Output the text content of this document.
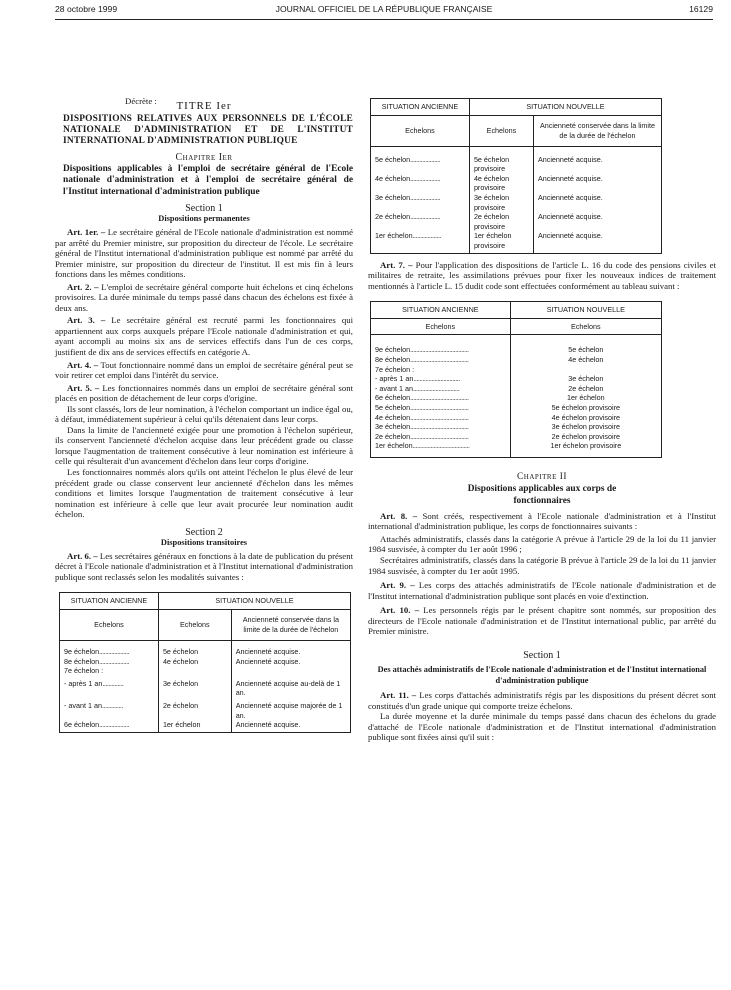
28 octobre 1999	JOURNAL OFFICIEL DE LA RÉPUBLIQUE FRANÇAISE	16129

Décrète :	TITRE Ier

DISPOSITIONS RELATIVES AUX PERSONNELS DE L'ÉCOLE NATIONALE D'ADMINISTRATION ET DE L'INSTITUT INTERNATIONAL D'ADMINISTRATION PUBLIQUE

Chapitre Ier

Dispositions applicables à l'emploi de secrétaire général de l'Ecole nationale d'administration et à l'emploi de secrétaire général de l'Institut international d'administration publique

Section 1

Dispositions permanentes

Art. 1er. – Le secrétaire général de l'Ecole nationale d'administration est nommé par arrêté du Premier ministre, sur proposition du directeur de l'école. Le secrétaire général de l'Institut international d'administration publique est nommé par arrêté du Premier ministre, sur proposition du directeur de l'institut. Il est mis fin à leurs fonctions dans les mêmes conditions.

Art. 2. – L'emploi de secrétaire général comporte huit échelons et cinq échelons provisoires. La durée minimale du temps passé dans chacun des échelons est fixée à deux ans.

Art. 3. – Le secrétaire général est recruté parmi les fonctionnaires qui appartiennent aux corps auxquels prépare l'Ecole nationale d'administration et qui, ayant accompli au moins six ans de services effectifs dans l'un de ces corps, justifient de dix ans de services effectifs en catégorie A.

Art. 4. – Tout fonctionnaire nommé dans un emploi de secrétaire général peut se voir retirer cet emploi dans l'intérêt du service.

Art. 5. – Les fonctionnaires nommés dans un emploi de secrétaire général sont placés en position de détachement de leur corps d'origine.

Ils sont classés, lors de leur nomination, à l'échelon comportant un indice égal ou, à défaut, immédiatement supérieur à celui qu'ils détenaient dans leur corps.

Dans la limite de l'ancienneté exigée pour une promotion à l'échelon supérieur, ils conservent l'ancienneté d'échelon acquise dans leur précédent grade ou classe lorsque l'augmentation de traitement consécutive à leur nomination est inférieure à celle qui résulterait d'un avancement d'échelon dans leur corps d'origine.

Les fonctionnaires nommés alors qu'ils ont atteint l'échelon le plus élevé de leur précédent grade ou classe conservent leur ancienneté d'échelon dans les mêmes conditions et limites lorsque l'augmentation de traitement consécutive à leur nomination est inférieure à celle que leur avait procurée leur nomination audit échelon.

Section 2

Dispositions transitoires

Art. 6. – Les secrétaires généraux en fonctions à la date de publication du présent décret à l'Ecole nationale d'administration et à l'Institut international d'administration publique sont reclassés selon les modalités suivantes :

SITUATION ANCIENNE	SITUATION NOUVELLE	
Echelons	Echelons	Ancienneté conservée dans la limite de la durée de l'échelon
9e échelon....................	5e échelon	Ancienneté acquise.
8e échelon....................	4e échelon	Ancienneté acquise.
7e échelon :		
- après 1 an..............	3e échelon	Ancienneté acquise au-delà de 1 an.
- avant 1 an..............	2e échelon	Ancienneté acquise majorée de 1 an.
6e échelon....................	1er échelon	Ancienneté acquise.
SITUATION ANCIENNE	SITUATION NOUVELLE	
Echelons	Echelons	Ancienneté conservée dans la limite de la durée de l'échelon
5e échelon....................	5e échelon provisoire	Ancienneté acquise.
4e échelon....................	4e échelon provisoire	Ancienneté acquise.
3e échelon....................	3e échelon provisoire	Ancienneté acquise.
2e échelon....................	2e échelon provisoire	Ancienneté acquise.
1er échelon...................	1er échelon provisoire	Ancienneté acquise.

Art. 7. – Pour l'application des dispositions de l'article L. 16 du code des pensions civiles et militaires de retraite, les assimilations prévues pour fixer les nouveaux indices de traitement mentionnés à l'article L. 15 dudit code sont effectuées conformément au tableau suivant :

SITUATION ANCIENNE	SITUATION NOUVELLE
Echelons	Echelons
9e échelon.......................................	5e échelon
8e échelon.......................................	4e échelon
7e échelon :	
- après 1 an...............................	3e échelon
- avant 1 an...............................	2e échelon
6e échelon.......................................	1er échelon
5e échelon.......................................	5e échelon provisoire
4e échelon.......................................	4e échelon provisoire
3e échelon.......................................	3e échelon provisoire
2e échelon.......................................	2e échelon provisoire
1er échelon......................................	1er échelon provisoire

Chapitre II

Dispositions applicables aux corps de fonctionnaires

Art. 8. – Sont créés, respectivement à l'Ecole nationale d'administration et à l'Institut international d'administration publique, les corps de fonctionnaires suivants :

Attachés administratifs, classés dans la catégorie A prévue à l'article 29 de la loi du 11 janvier 1984 susvisée, à compter du 1er août 1996 ;

Secrétaires administratifs, classés dans la catégorie B prévue à l'article 29 de la loi du 11 janvier 1984 susvisée, à compter du 1er août 1995.

Art. 9. – Les corps des attachés administratifs de l'Ecole nationale d'administration et de l'Institut international d'administration publique sont placés en voie d'extinction.

Art. 10. – Les personnels régis par le présent chapitre sont nommés, sur proposition des directeurs de l'Ecole nationale d'administration et de l'Institut international public, par arrêté du Premier ministre.

Section 1

Des attachés administratifs de l'Ecole nationale d'administration et de l'Institut international d'administration publique

Art. 11. – Les corps d'attachés administratifs régis par les dispositions du présent décret sont constitués d'un grade unique qui comporte treize échelons.

La durée moyenne et la durée minimale du temps passé dans chacun des échelons du grade d'attaché de l'Ecole nationale d'administration et de l'Institut international d'administration publique sont fixées ainsi qu'il suit :
